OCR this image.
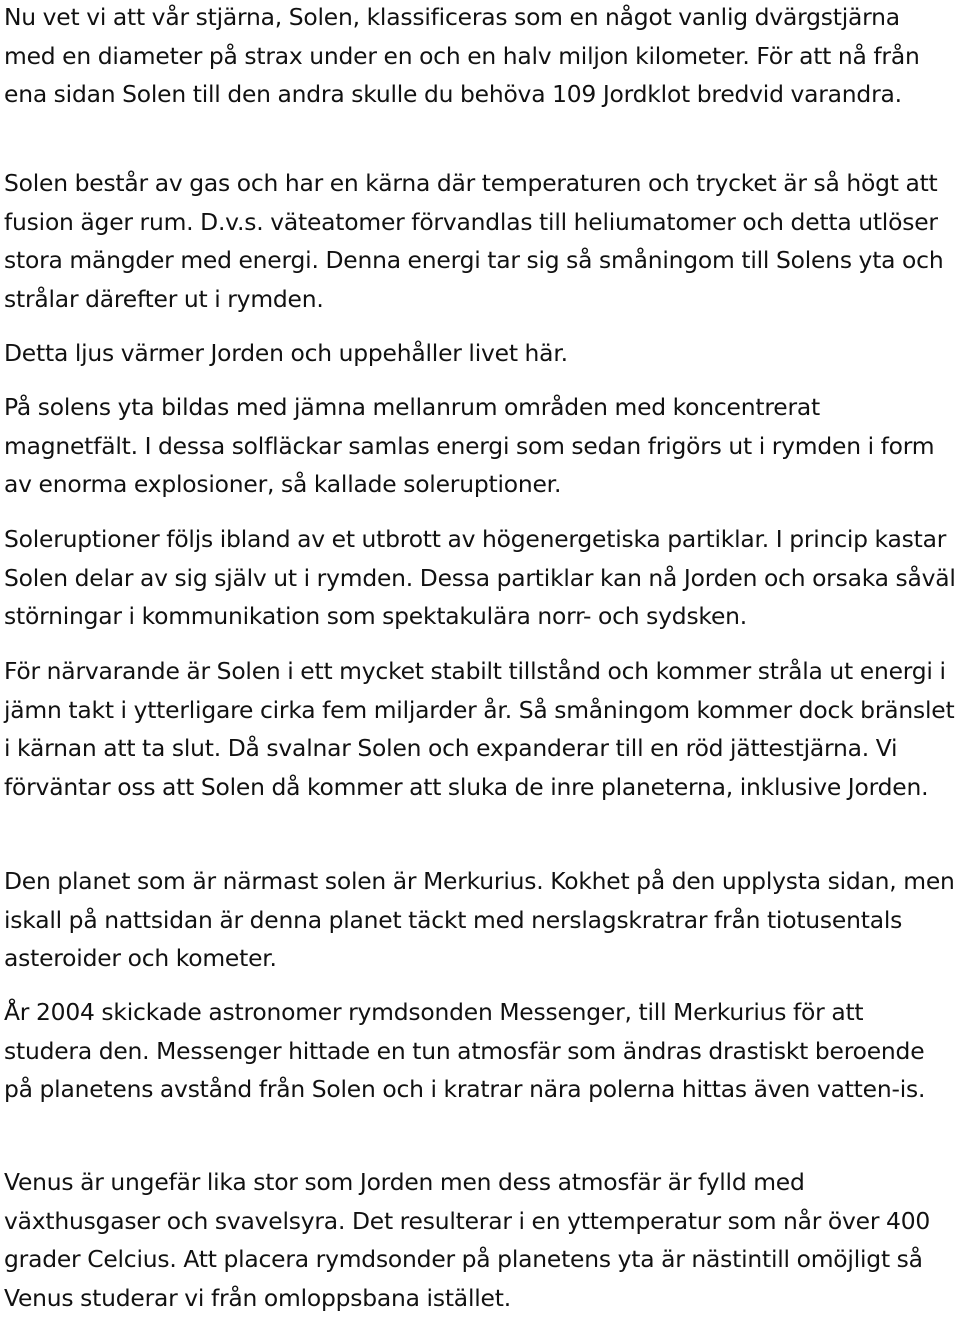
Nu vet vi att vår stjärna, Solen, klassificeras som en något vanlig dvärgstjärna med en diameter på strax under en och en halv miljon kilometer. För att nå från ena sidan Solen till den andra skulle du behöva 109 Jordklot bredvid varandra.

Solen består av gas och har en kärna där temperaturen och trycket är så högt att fusion äger rum. D.v.s. väteatomer förvandlas till heliumatomer och detta utlöser stora mängder med energi. Denna energi tar sig så småningom till Solens yta och strålar därefter ut i rymden.

Detta ljus värmer Jorden och uppehåller livet här.

På solens yta bildas med jämna mellanrum områden med koncentrerat magnetfält. I dessa solfläckar samlas energi som sedan frigörs ut i rymden i form av enorma explosioner, så kallade soleruptioner.

Soleruptioner följs ibland av et utbrott av högenergetiska partiklar. I princip kastar Solen delar av sig själv ut i rymden. Dessa partiklar kan nå Jorden och orsaka såväl störningar i kommunikation som spektakulära norr- och sydsken.

För närvarande är Solen i ett mycket stabilt tillstånd och kommer stråla ut energi i jämn takt i ytterligare cirka fem miljarder år. Så småningom kommer dock bränslet i kärnan att ta slut. Då svalnar Solen och expanderar till en röd jättestjärna. Vi förväntar oss att Solen då kommer att sluka de inre planeterna, inklusive Jorden.

Den planet som är närmast solen är Merkurius. Kokhet på den upplysta sidan, men iskall på nattsidan är denna planet täckt med nerslagskratrar från tiotusentals asteroider och kometer.

År 2004 skickade astronomer rymdsonden Messenger, till Merkurius för att studera den. Messenger hittade en tun atmosfär som ändras drastiskt beroende på planetens avstånd från Solen och i kratrar nära polerna hittas även vatten-is.

Venus är ungefär lika stor som Jorden men dess atmosfär är fylld med växthusgaser och svavelsyra. Det resulterar i en yttemperatur som når över 400 grader Celcius. Att placera rymdsonder på planetens yta är nästintill omöjligt så Venus studerar vi från omloppsbana istället.
